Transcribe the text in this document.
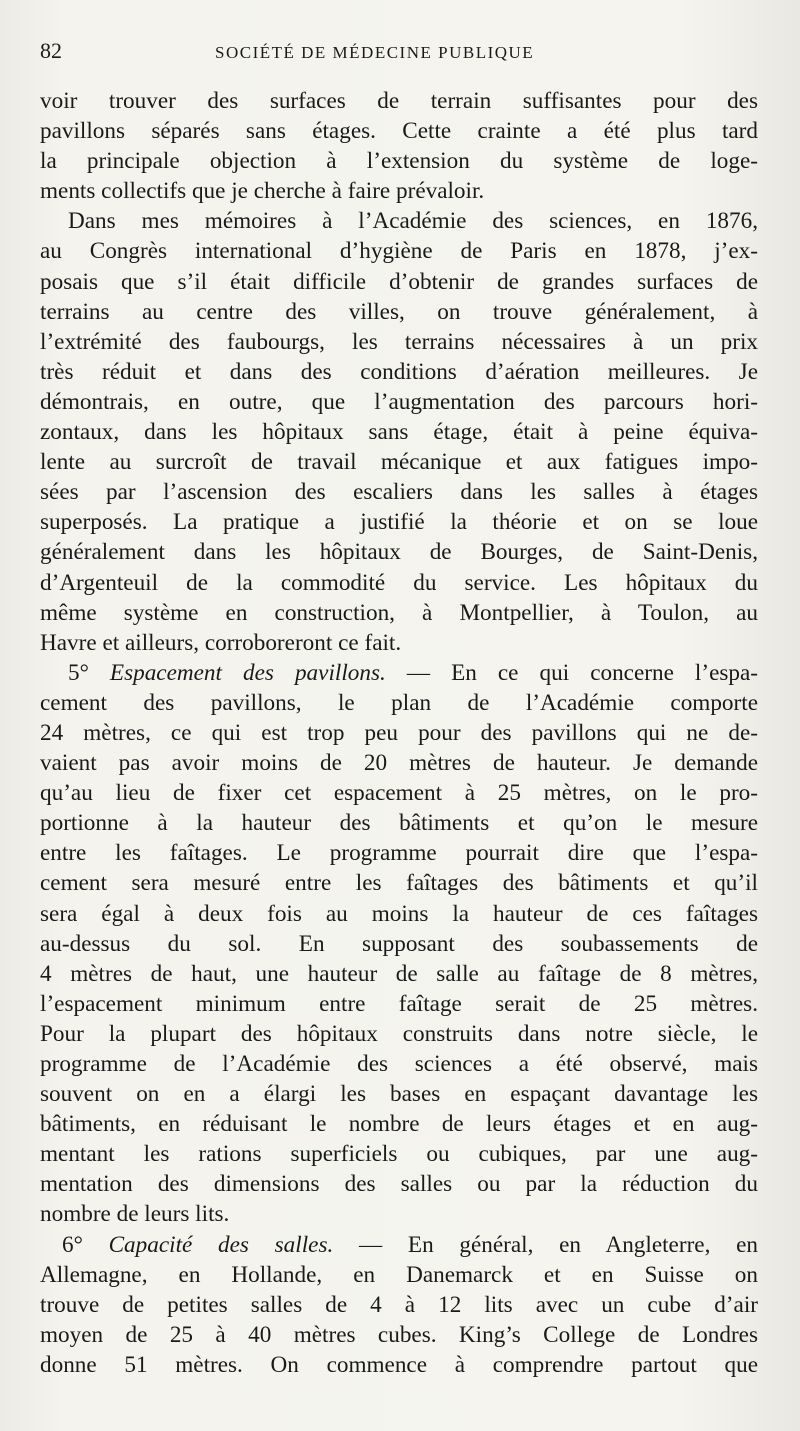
82	SOCIÉTÉ DE MÉDECINE PUBLIQUE
voir trouver des surfaces de terrain suffisantes pour des
pavillons séparés sans étages. Cette crainte a été plus tard
la principale objection à l’extension du système de loge-
ments collectifs que je cherche à faire prévaloir.
Dans mes mémoires à l’Académie des sciences, en 1876,
au Congrès international d’hygiène de Paris en 1878, j’ex-
posais que s’il était difficile d’obtenir de grandes surfaces de
terrains au centre des villes, on trouve généralement, à
l’extrémité des faubourgs, les terrains nécessaires à un prix
très réduit et dans des conditions d’aération meilleures. Je
démontrais, en outre, que l’augmentation des parcours hori-
zontaux, dans les hôpitaux sans étage, était à peine équiva-
lente au surcroît de travail mécanique et aux fatigues impo-
sées par l’ascension des escaliers dans les salles à étages
superposés. La pratique a justifié la théorie et on se loue
généralement dans les hôpitaux de Bourges, de Saint-Denis,
d’Argenteuil de la commodité du service. Les hôpitaux du
même système en construction, à Montpellier, à Toulon, au
Havre et ailleurs, corroboreront ce fait.
5° Espacement des pavillons. — En ce qui concerne l’espa-
cement des pavillons, le plan de l’Académie comporte
24 mètres, ce qui est trop peu pour des pavillons qui ne de-
vaient pas avoir moins de 20 mètres de hauteur. Je demande
qu’au lieu de fixer cet espacement à 25 mètres, on le pro-
portionne à la hauteur des bâtiments et qu’on le mesure
entre les faîtages. Le programme pourrait dire que l’espa-
cement sera mesuré entre les faîtages des bâtiments et qu’il
sera égal à deux fois au moins la hauteur de ces faîtages
au-dessus du sol. En supposant des soubassements de
4 mètres de haut, une hauteur de salle au faîtage de 8 mètres,
l’espacement minimum entre faîtage serait de 25 mètres.
Pour la plupart des hôpitaux construits dans notre siècle, le
programme de l’Académie des sciences a été observé, mais
souvent on en a élargi les bases en espaçant davantage les
bâtiments, en réduisant le nombre de leurs étages et en aug-
mentant les rations superficiels ou cubiques, par une aug-
mentation des dimensions des salles ou par la réduction du
nombre de leurs lits.
6° Capacité des salles. — En général, en Angleterre, en
Allemagne, en Hollande, en Danemarck et en Suisse on
trouve de petites salles de 4 à 12 lits avec un cube d’air
moyen de 25 à 40 mètres cubes. King’s College de Londres
donne 51 mètres. On commence à comprendre partout que
